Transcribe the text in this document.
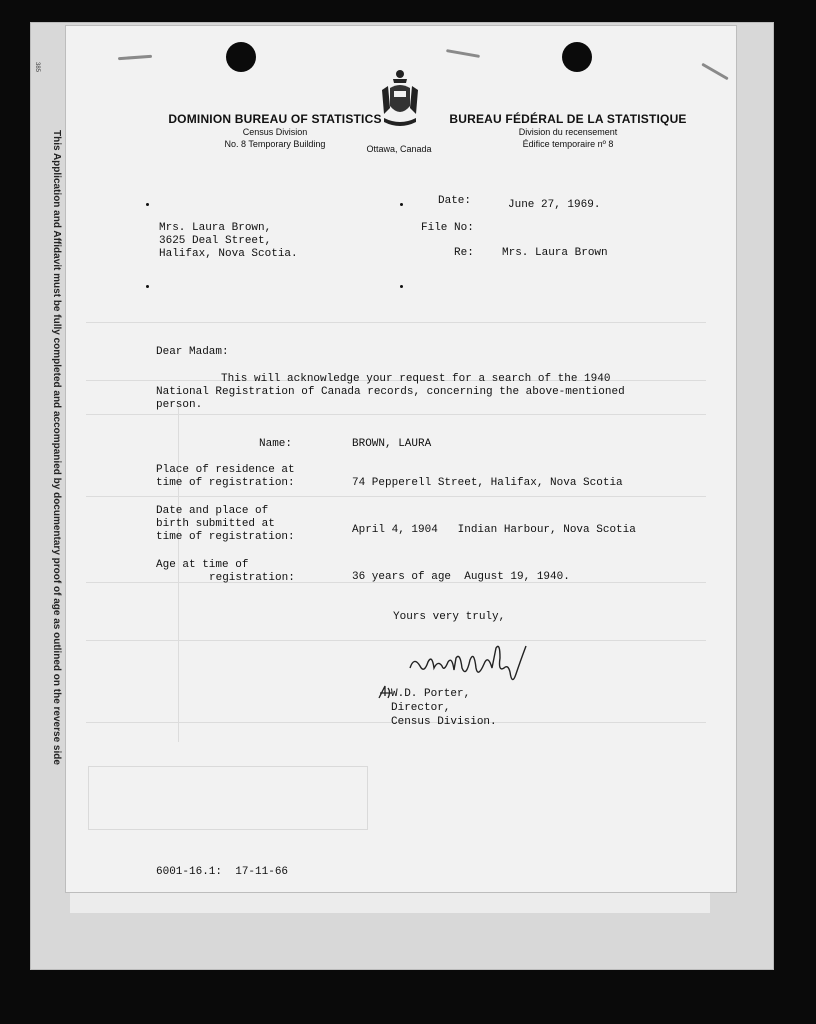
385
This Application and Affidavit must be fully completed and accompanied by documentary proof of age as outlined on the reverse side
DOMINION BUREAU OF STATISTICS
Census Division
No. 8 Temporary Building	Ottawa, Canada
BUREAU FÉDÉRAL DE LA STATISTIQUE
Division du recensement
Édifice temporaire nº 8
Date:	June 27, 1969.
File No:
Re:	Mrs. Laura Brown
Mrs. Laura Brown,
3625 Deal Street,
Halifax, Nova Scotia.
Dear Madam:
This will acknowledge your request for a search of the 1940
National Registration of Canada records, concerning the above-mentioned
person.
Name:	BROWN, LAURA
Place of residence at
time of registration:	74 Pepperell Street, Halifax, Nova Scotia
Date and place of
birth submitted at
time of registration:
April 4, 1904   Indian Harbour, Nova Scotia
Age at time of
registration:	36 years of age  August 19, 1940.
Yours very truly,
W.D. Porter,
Director,
Census Division.
6001-16.1:  17-11-66
